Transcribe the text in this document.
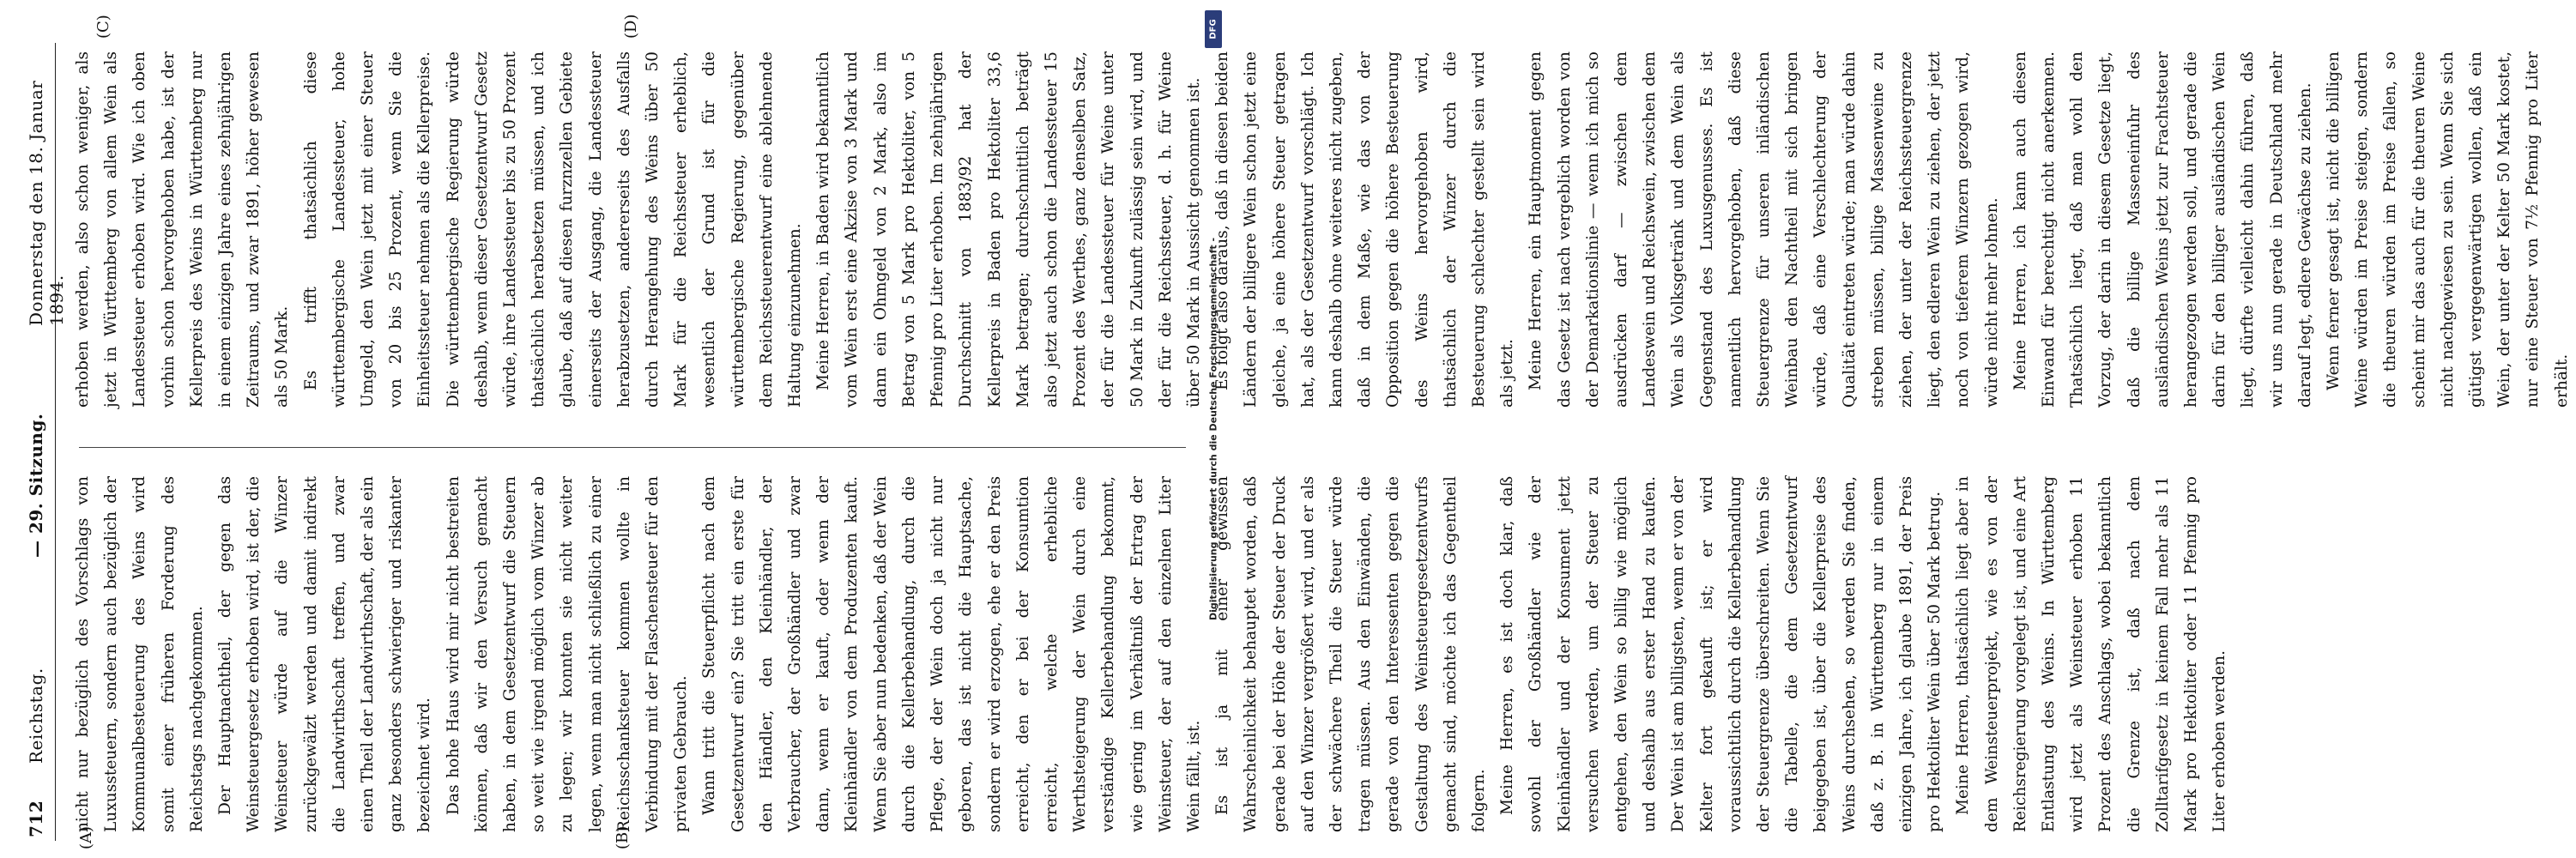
712
Reichstag.
— 29. Sitzung.
Donnerstag den 18. Januar 1894.
(A)	(B)
(C)	(D)

nicht nur bezüglich des Vorschlags von Luxussteuern, sondern auch bezüglich der Kommunalbesteuerung des Weins wird somit einer früheren Forderung des Reichstags nachgekommen. Der Hauptnachtheil, der gegen das Weinsteuergesetz erhoben wird, ist der, die Weinsteuer würde auf die Winzer zurückgewälzt werden und damit indirekt die Landwirthschaft treffen, und zwar einen Theil der Landwirthschaft, der als ein ganz besonders schwieriger und riskanter bezeichnet wird. Das hohe Haus wird mir nicht bestreiten können, daß wir den Versuch gemacht haben, in dem Gesetzentwurf die Steuern so weit wie irgend möglich vom Winzer ab zu legen; wir konnten sie nicht weiter legen, wenn man nicht schließlich zu einer Reichsschanksteuer kommen wollte in Verbindung mit der Flaschensteuer für den privaten Gebrauch. Wann tritt die Steuerpflicht nach dem Gesetzentwurf ein? Sie tritt ein erste für den Händler, den Kleinhändler, der Verbraucher, der Großhändler und zwar dann, wenn er kauft, oder wenn der Kleinhändler von dem Produzenten kauft. Wenn Sie aber nun bedenken, daß der Wein durch die Kellerbehandlung, durch die Pflege, der der Wein doch ja nicht nur geboren, das ist nicht die Hauptsache, sondern er wird erzogen, ehe er den Preis erreicht, den er bei der Konsumtion erreicht, welche erhebliche Werthsteigerung der Wein durch eine verständige Kellerbehandlung bekommt, wie gering im Verhältniß der Ertrag der Weinsteuer, der auf den einzelnen Liter Wein fällt, ist. Es ist ja mit einer gewissen Wahrscheinlichkeit behauptet worden, daß gerade bei der Höhe der Steuer der Druck auf den Winzer vergrößert wird, und er als der schwächere Theil die Steuer würde tragen müssen. Aus den Einwänden, die gerade von den Interessenten gegen die Gestaltung des Weinsteuergesetzentwurfs gemacht sind, möchte ich das Gegentheil folgern. Meine Herren, es ist doch klar, daß sowohl der Großhändler wie der Kleinhändler und der Konsument jetzt versuchen werden, um der Steuer zu entgehen, den Wein so billig wie möglich und deshalb aus erster Hand zu kaufen. Der Wein ist am billigsten, wenn er von der Kelter fort gekauft ist; er wird voraussichtlich durch die Kellerbehandlung der Steuergrenze überschreiten. Wenn Sie die Tabelle, die dem Gesetzentwurf beigegeben ist, über die Kellerpreise des Weins durchsehen, so werden Sie finden, daß z. B. in Württemberg nur in einem einzigen Jahre, ich glaube 1891, der Preis pro Hektoliter Wein über 50 Mark betrug. Meine Herren, thatsächlich liegt aber in dem Weinsteuerprojekt, wie es von der Reichsregierung vorgelegt ist, und eine Art Entlastung des Weins. In Württemberg wird jetzt als Weinsteuer erhoben 11 Prozent des Anschlags, wobei bekanntlich die Grenze ist, daß nach dem Zolltarifgesetz in keinem Fall mehr als 11 Mark pro Hektoliter oder 11 Pfennig pro Liter erhoben werden.

erhoben werden, also schon weniger, als jetzt in Württemberg von allem Wein als Landessteuer erhoben wird. Wie ich oben vorhin schon hervorgehoben habe, ist der Kellerpreis des Weins in Württemberg nur in einem einzigen Jahre eines zehnjährigen Zeitraums, und zwar 1891, höher gewesen als 50 Mark. Es trifft thatsächlich diese württembergische Landessteuer, hohe Umgeld, den Wein jetzt mit einer Steuer von 20 bis 25 Prozent, wenn Sie die Einheitssteuer nehmen als die Kellerpreise. Die württembergische Regierung würde deshalb, wenn dieser Gesetzentwurf Gesetz würde, ihre Landessteuer bis zu 50 Prozent thatsächlich herabsetzen müssen, und ich glaube, daß auf diesen furznzellen Gebiete einerseits der Ausgang, die Landessteuer herabzusetzen, andererseits des Ausfalls durch Herangehung des Weins über 50 Mark für die Reichssteuer erheblich, wesentlich der Grund ist für die württembergische Regierung, gegenüber dem Reichssteuerentwurf eine ablehnende Haltung einzunehmen. Meine Herren, in Baden wird bekanntlich vom Wein erst eine Akzise von 3 Mark und dann ein Ohmgeld von 2 Mark, also im Betrag von 5 Mark pro Hektoliter, von 5 Pfennig pro Liter erhoben. Im zehnjährigen Durchschnitt von 1883/92 hat der Kellerpreis in Baden pro Hektoliter 33,6 Mark betragen; durchschnittlich beträgt also jetzt auch schon die Landessteuer 15 Prozent des Werthes, ganz denselben Satz, der für die Landessteuer für Weine unter 50 Mark in Zukunft zulässig sein wird, und der für die Reichssteuer, d. h. für Weine über 50 Mark in Aussicht genommen ist. Es folgt also daraus, daß in diesen beiden Ländern der billigere Wein schon jetzt eine gleiche, ja eine höhere Steuer getragen hat, als der Gesetzentwurf vorschlägt. Ich kann deshalb ohne weiteres nicht zugeben, daß in dem Maße, wie das von der Opposition gegen die höhere Besteuerung des Weins hervorgehoben wird, thatsächlich der Winzer durch die Besteuerung schlechter gestellt sein wird als jetzt. Meine Herren, ein Hauptmoment gegen das Gesetz ist nach vergeblich worden von der Demarkationslinie — wenn ich mich so ausdrücken darf — zwischen dem Landeswein und Reichswein, zwischen dem Wein als Volksgetränk und dem Wein als Gegenstand des Luxusgenusses. Es ist namentlich hervorgehoben, daß diese Steuergrenze für unseren inländischen Weinbau den Nachtheil mit sich bringen würde, daß eine Verschlechterung der Qualität eintreten würde; man würde dahin streben müssen, billige Massenweine zu ziehen, der unter der Reichssteuergrenze liegt, den edleren Wein zu ziehen, der jetzt noch von tieferem Winzern gezogen wird, würde nicht mehr lohnen. Meine Herren, ich kann auch diesen Einwand für berechtigt nicht anerkennen. Thatsächlich liegt, daß man wohl den Vorzug, der darin in diesem Gesetze liegt, daß die billige Masseneinfuhr des ausländischen Weins jetzt zur Frachtsteuer herangezogen werden soll, und gerade die darin für den billiger ausländischen Wein liegt, dürfte vielleicht dahin führen, daß wir uns nun gerade in Deutschland mehr darauf legt, edlere Gewächse zu ziehen. Wenn ferner gesagt ist, nicht die billigen Weine würden im Preise steigen, sondern die theuren würden im Preise fallen, so scheint mir das auch für die theuren Weine nicht nachgewiesen zu sein. Wenn Sie sich gütigst vergegenwärtigen wollen, daß ein Wein, der unter der Kelter 50 Mark kostet, nur eine Steuer von 7½ Pfennig pro Liter erhält.

DFG
Digitalisierung gefördert durch die Deutsche Forschungsgemeinschaft -
